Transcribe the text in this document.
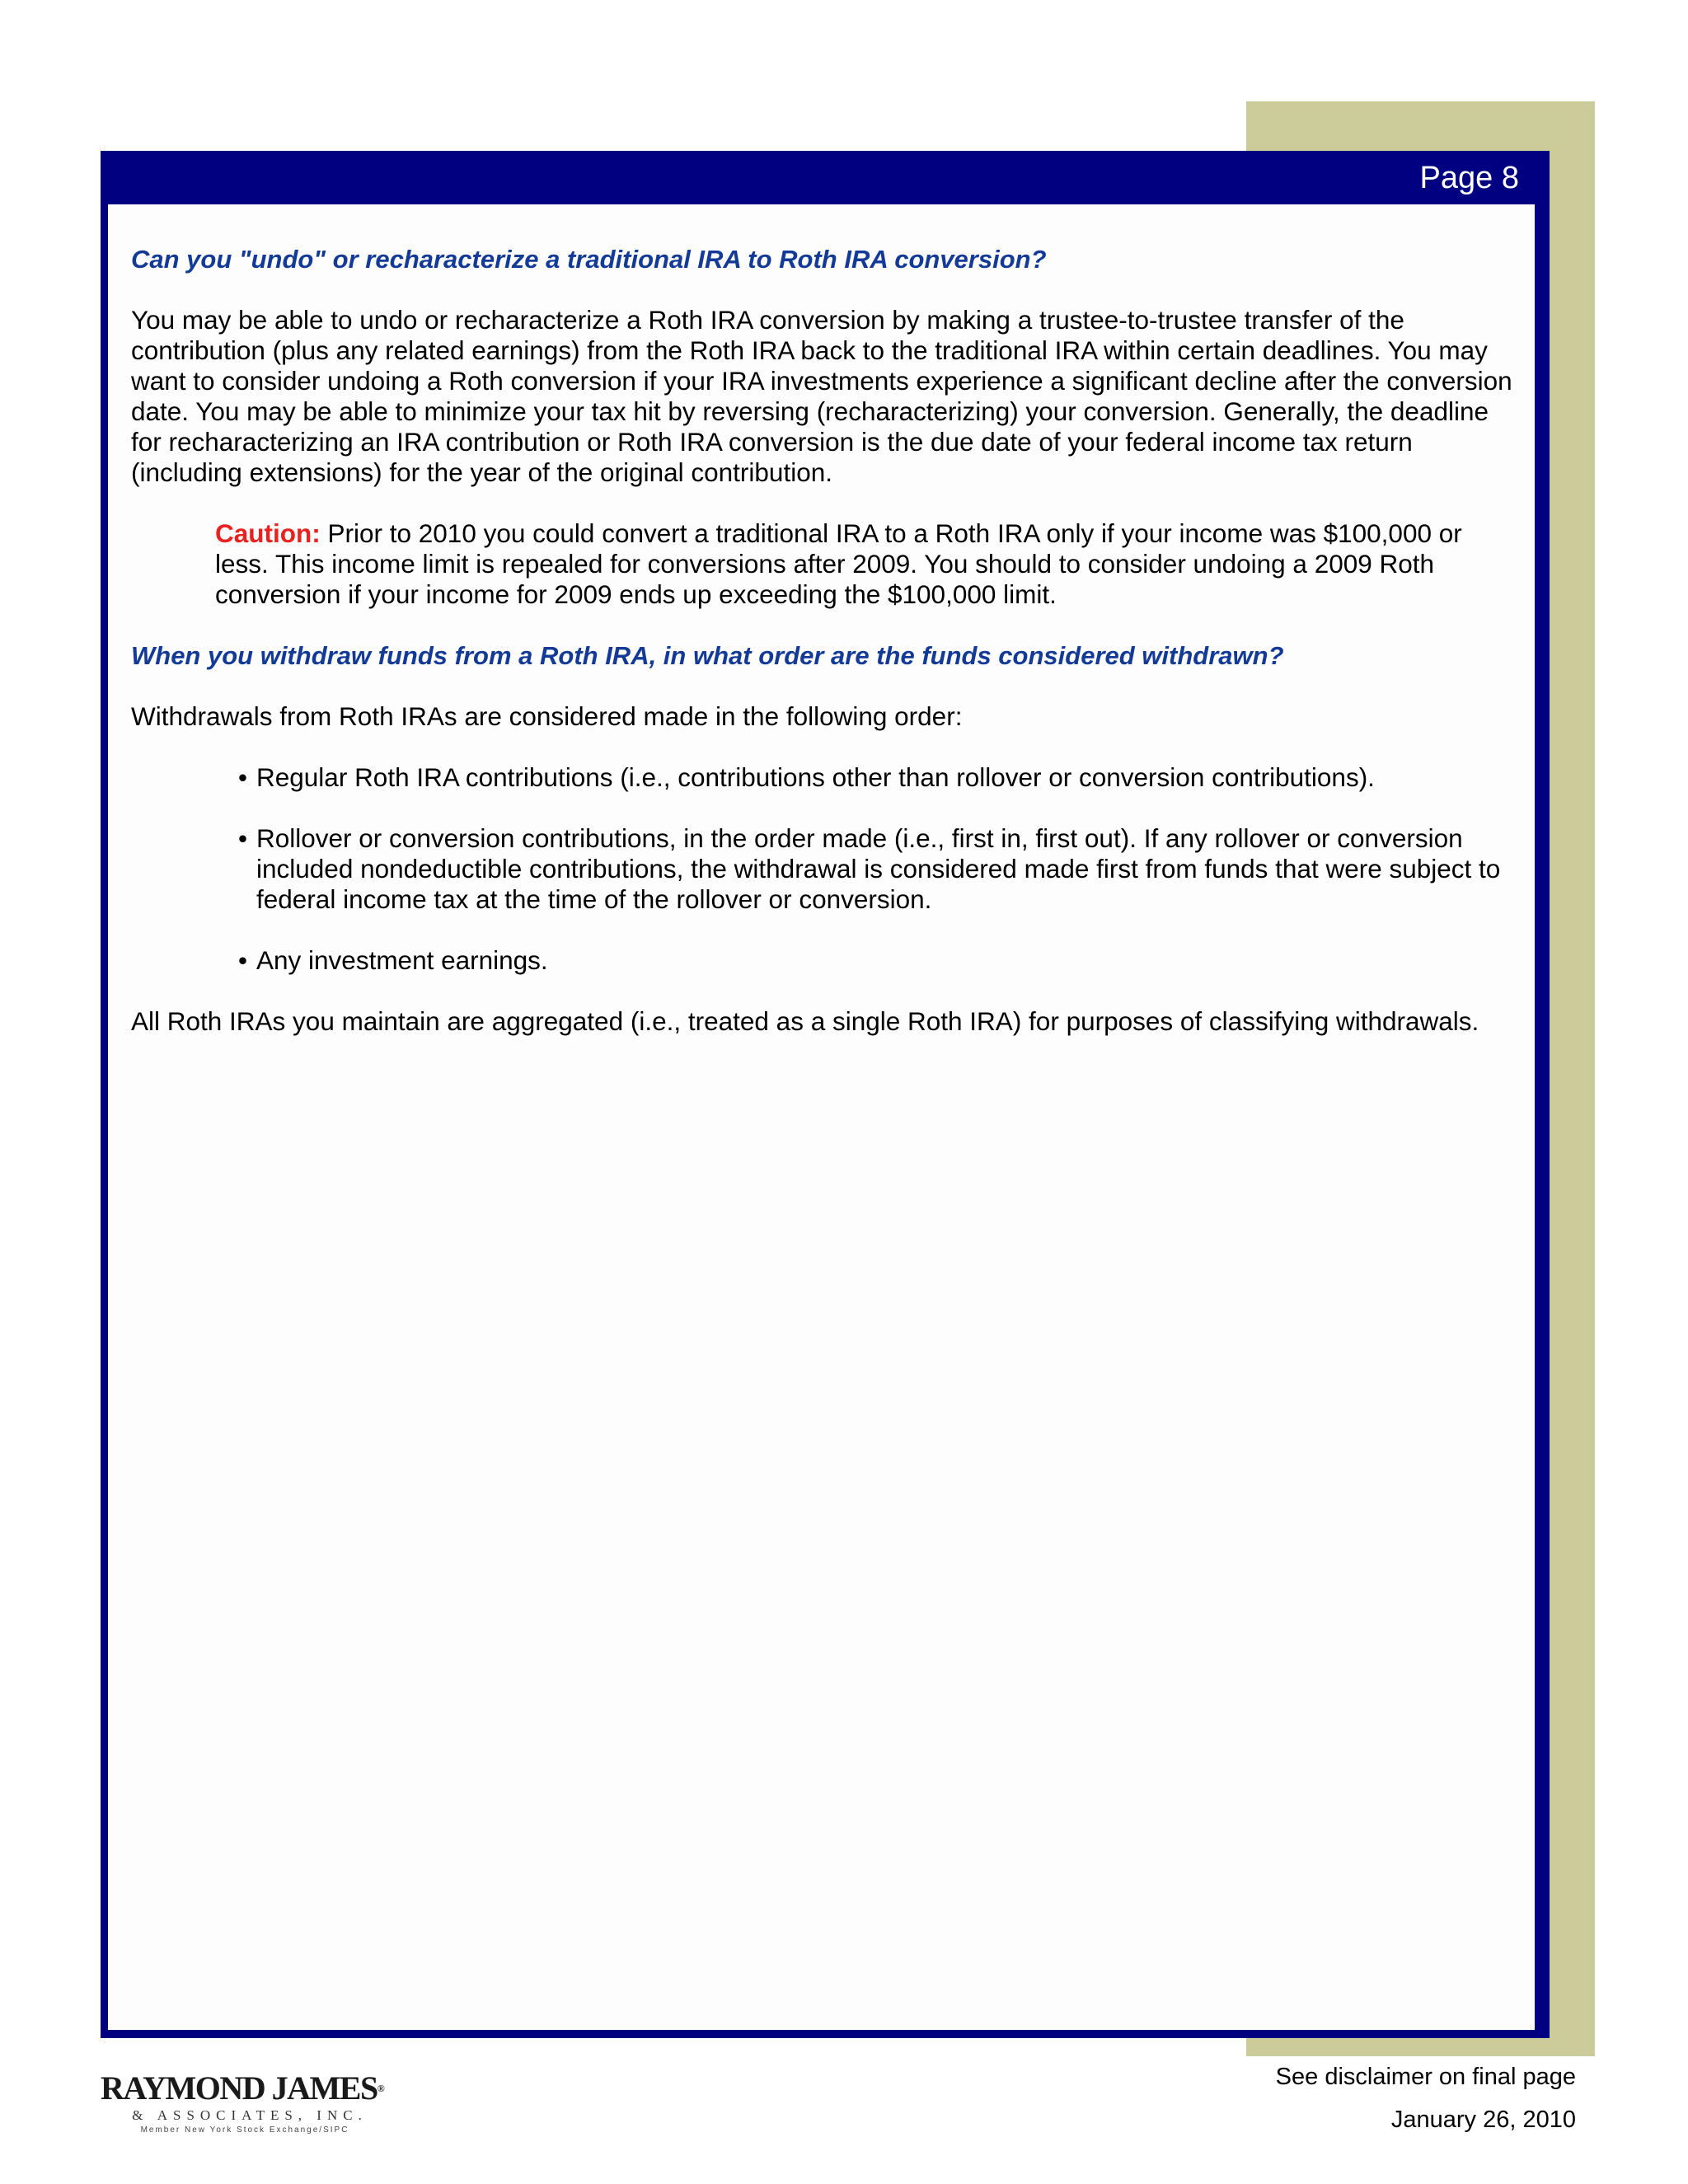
Page 8
Can you "undo" or recharacterize a traditional IRA to Roth IRA conversion?

You may be able to undo or recharacterize a Roth IRA conversion by making a trustee-to-trustee transfer of the contribution (plus any related earnings) from the Roth IRA back to the traditional IRA within certain deadlines. You may want to consider undoing a Roth conversion if your IRA investments experience a significant decline after the conversion date. You may be able to minimize your tax hit by reversing (recharacterizing) your conversion. Generally, the deadline for recharacterizing an IRA contribution or Roth IRA conversion is the due date of your federal income tax return (including extensions) for the year of the original contribution.

Caution: Prior to 2010 you could convert a traditional IRA to a Roth IRA only if your income was $100,000 or less. This income limit is repealed for conversions after 2009. You should to consider undoing a 2009 Roth conversion if your income for 2009 ends up exceeding the $100,000 limit.

When you withdraw funds from a Roth IRA, in what order are the funds considered withdrawn?

Withdrawals from Roth IRAs are considered made in the following order:

• Regular Roth IRA contributions (i.e., contributions other than rollover or conversion contributions).
• Rollover or conversion contributions, in the order made (i.e., first in, first out). If any rollover or conversion included nondeductible contributions, the withdrawal is considered made first from funds that were subject to federal income tax at the time of the rollover or conversion.
• Any investment earnings.

All Roth IRAs you maintain are aggregated (i.e., treated as a single Roth IRA) for purposes of classifying withdrawals.

RAYMOND JAMES®
& ASSOCIATES, INC.
Member New York Stock Exchange/SIPC
See disclaimer on final page
January 26, 2010
